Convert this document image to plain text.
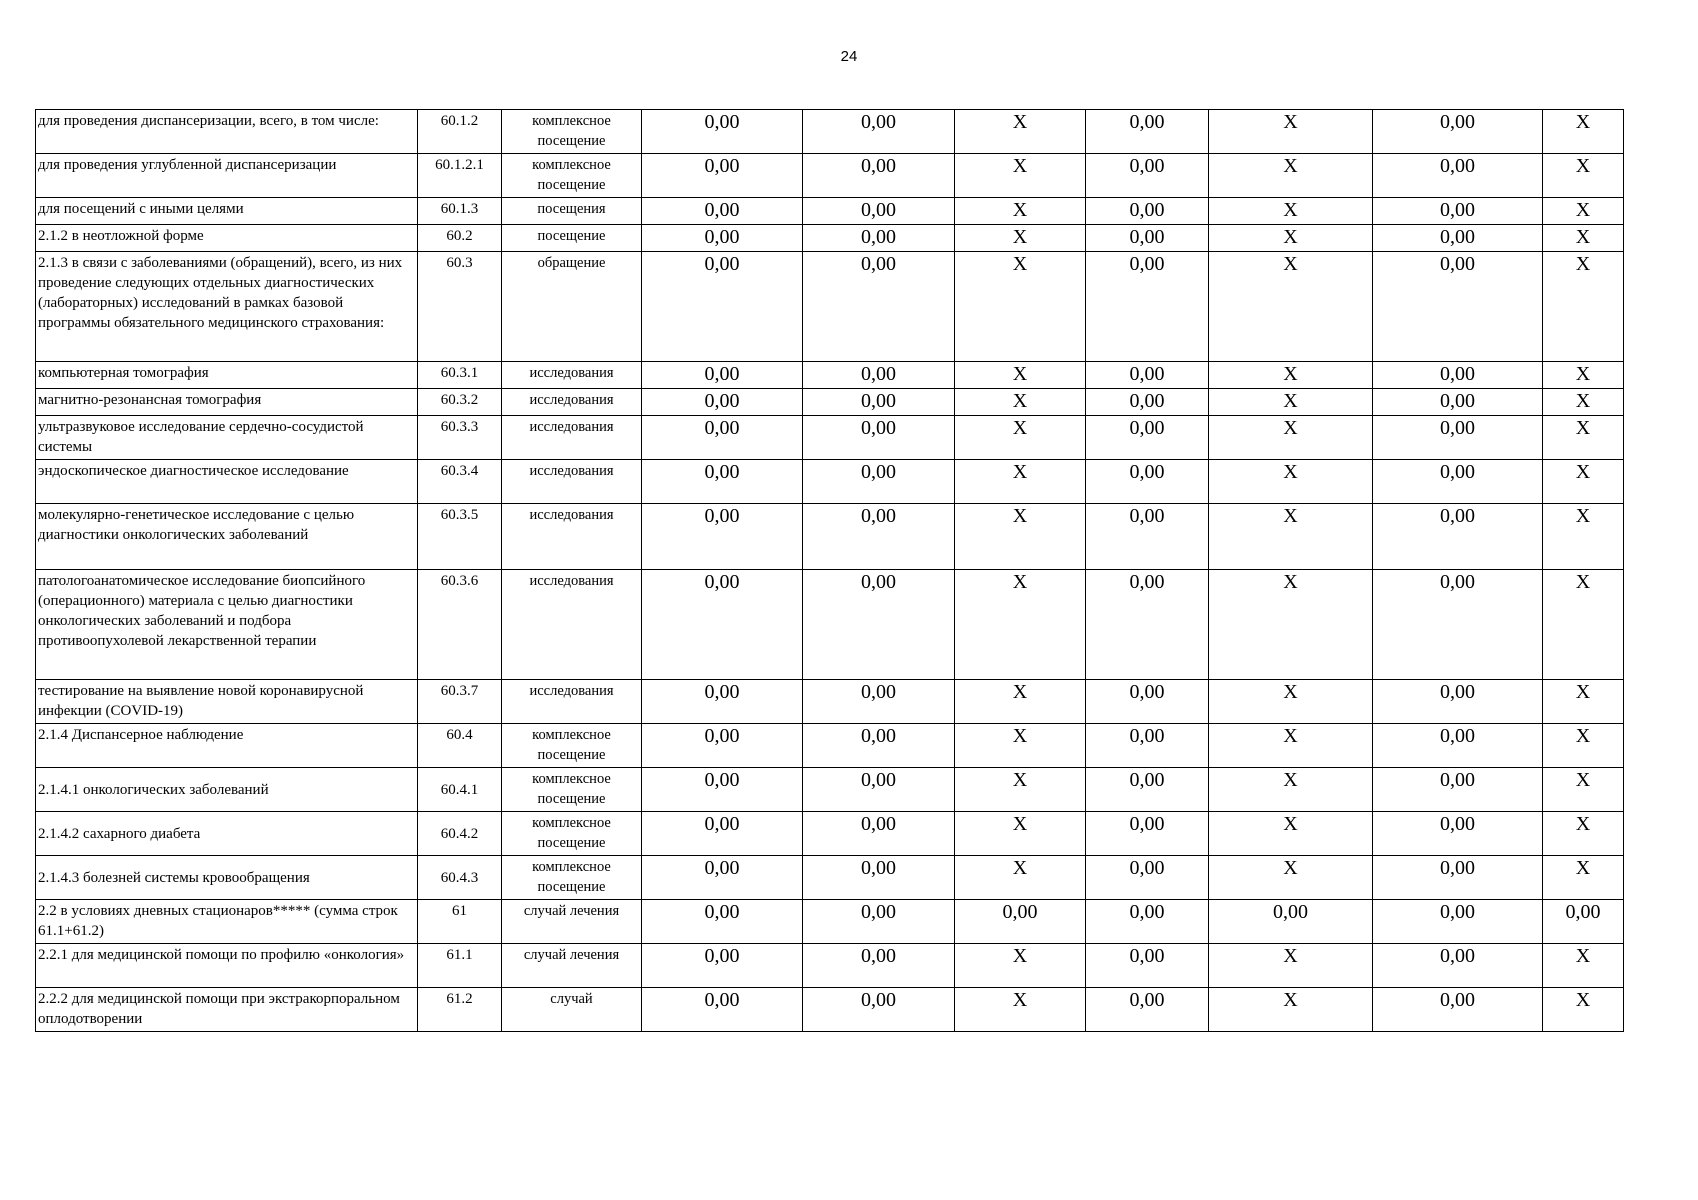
24
для проведения диспансеризации, всего, в том числе:	60.1.2	комплексное посещение	0,00	0,00	X	0,00	X	0,00	X
для проведения углубленной диспансеризации	60.1.2.1	комплексное посещение	0,00	0,00	X	0,00	X	0,00	X
для посещений с иными целями	60.1.3	посещения	0,00	0,00	X	0,00	X	0,00	X
2.1.2 в неотложной форме	60.2	посещение	0,00	0,00	X	0,00	X	0,00	X
2.1.3 в связи с заболеваниями (обращений), всего, из них проведение следующих отдельных диагностических (лабораторных) исследований в рамках базовой программы обязательного медицинского страхования:	60.3	обращение	0,00	0,00	X	0,00	X	0,00	X
компьютерная томография	60.3.1	исследования	0,00	0,00	X	0,00	X	0,00	X
магнитно-резонансная томография	60.3.2	исследования	0,00	0,00	X	0,00	X	0,00	X
ультразвуковое исследование сердечно-сосудистой системы	60.3.3	исследования	0,00	0,00	X	0,00	X	0,00	X
эндоскопическое диагностическое исследование	60.3.4	исследования	0,00	0,00	X	0,00	X	0,00	X
молекулярно-генетическое исследование с целью диагностики онкологических заболеваний	60.3.5	исследования	0,00	0,00	X	0,00	X	0,00	X
патологоанатомическое исследование биопсийного (операционного) материала с целью диагностики онкологических заболеваний и подбора противоопухолевой лекарственной терапии	60.3.6	исследования	0,00	0,00	X	0,00	X	0,00	X
тестирование на выявление новой коронавирусной инфекции (COVID-19)	60.3.7	исследования	0,00	0,00	X	0,00	X	0,00	X
2.1.4 Диспансерное наблюдение	60.4	комплексное посещение	0,00	0,00	X	0,00	X	0,00	X
2.1.4.1 онкологических заболеваний	60.4.1	комплексное посещение	0,00	0,00	X	0,00	X	0,00	X
2.1.4.2 сахарного диабета	60.4.2	комплексное посещение	0,00	0,00	X	0,00	X	0,00	X
2.1.4.3 болезней системы кровообращения	60.4.3	комплексное посещение	0,00	0,00	X	0,00	X	0,00	X
2.2 в условиях дневных стационаров***** (сумма строк 61.1+61.2)	61	случай лечения	0,00	0,00	0,00	0,00	0,00	0,00	0,00
2.2.1 для медицинской помощи по профилю «онкология»	61.1	случай лечения	0,00	0,00	X	0,00	X	0,00	X
2.2.2 для медицинской помощи при экстракорпоральном оплодотворении	61.2	случай	0,00	0,00	X	0,00	X	0,00	X
